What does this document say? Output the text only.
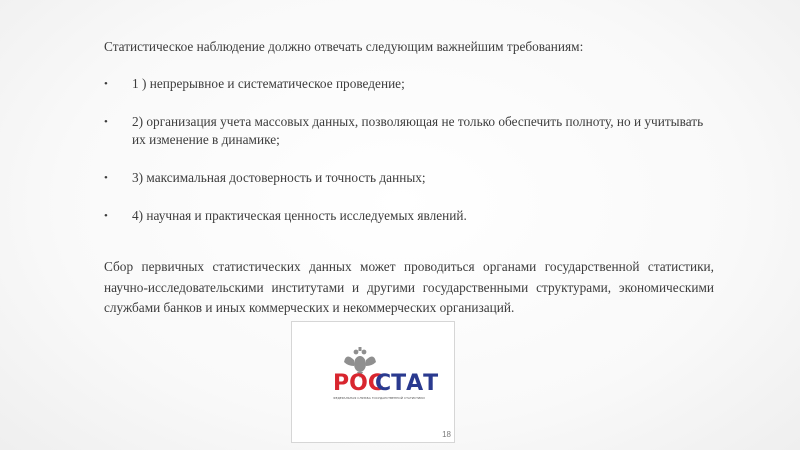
Статистическое наблюдение должно отвечать следующим важнейшим требованиям:
• 1 ) непрерывное и систематическое проведение;
• 2) организация учета массовых данных, позволяющая не только обеспечить полноту, но и учитывать их изменение в динамике;
• 3) максимальная достоверность и точность данных;
• 4) научная и практическая ценность исследуемых явлений.
Сбор первичных статистических данных может проводиться органами государственной статистики, научно-исследовательскими институтами и другими государственными структурами, экономическими службами банков и иных коммерческих и некоммерческих организаций.
РОС
СТАТ
ФЕДЕРАЛЬНАЯ СЛУЖБА ГОСУДАРСТВЕННОЙ СТАТИСТИКИ
18
